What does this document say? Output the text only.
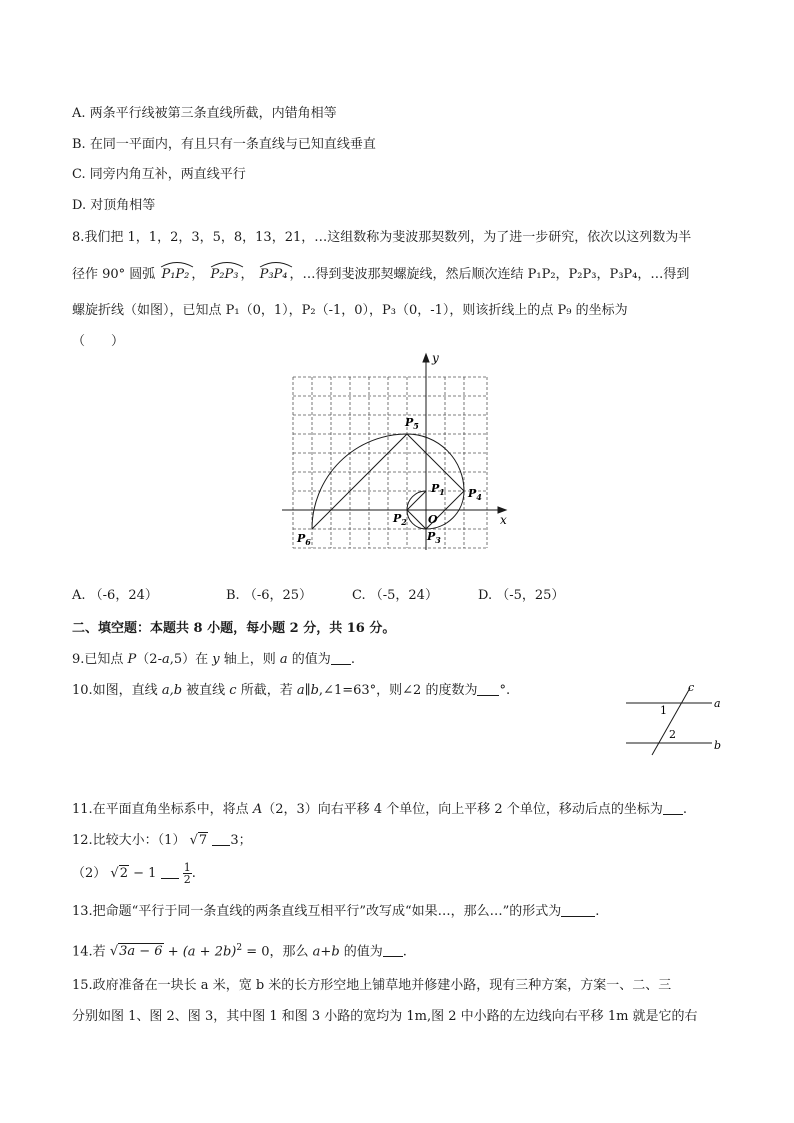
A. 两条平行线被第三条直线所截，内错角相等
B. 在同一平面内，有且只有一条直线与已知直线垂直
C. 同旁内角互补，两直线平行
D. 对顶角相等
8.我们把 1，1，2，3，5，8，13，21，…这组数称为斐波那契数列，为了进一步研究，依次以这列数为半
径作 90° 圆弧 P₁P₂ ，
P₂P₃ ，
P₃P₄ ，…得到斐波那契螺旋线，然后顺次连结 P₁P₂，P₂P₃，P₃P₄，…得到
螺旋折线（如图），已知点 P₁（0，1），P₂（-1，0），P₃（0，-1），则该折线上的点 P₉ 的坐标为
（　　）
y
x
O
$P_1$
$P_2$
$P_3$
$P_4$
$P_5$
$P_6$
A. （-6，24）	B. （-6，25）	C. （-5，24）	D. （-5，25）
二、填空题：本题共 8 小题，每小题 2 分，共 16 分。
9.已知点 P（2-a,5）在 y 轴上，则 a 的值为 .
10.如图，直线 a,b 被直线 c 所截，若 a∥b,∠1=63°，则∠2 的度数为 °.	c
a
b
1
2
11.在平面直角坐标系中，将点 A（2，3）向右平移 4 个单位，向上平移 2 个单位，移动后点的坐标为 .
12.比较大小：（1） √7 3；
（2） $√2 - 1 \frac{1}{2}$ .
13.把命题“平行于同一条直线的两条直线互相平行”改写成“如果…，那么…”的形式为	.
14.若 $√3a - 6 + (a + 2b)^2 = 0$，那么 a+b 的值为 .
15.政府准备在一块长 a 米，宽 b 米的长方形空地上铺草地并修建小路，现有三种方案，方案一、二、三
分别如图 1、图 2、图 3，其中图 1 和图 3 小路的宽均为 1m,图 2 中小路的左边线向右平移 1m 就是它的右
